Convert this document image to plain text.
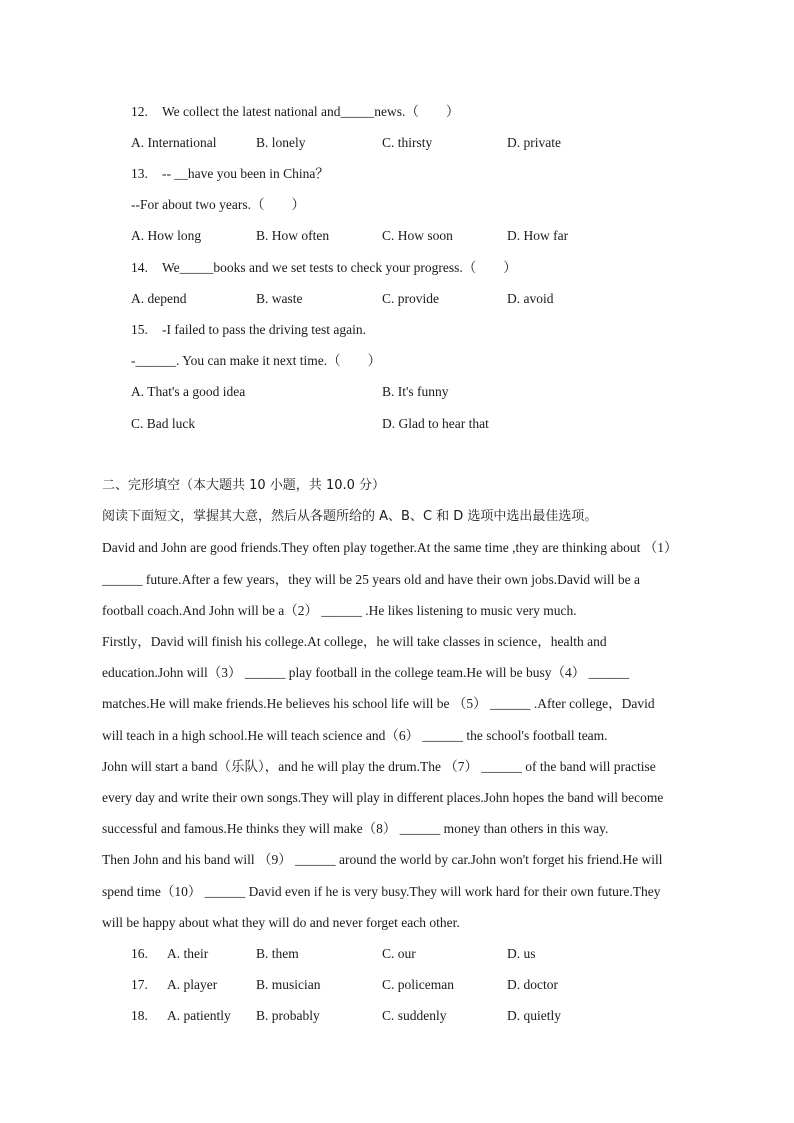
12. We collect the latest national and_____news.（　　）
A. International	B. lonely	C. thirsty	D. private
13. -- __have you been in China？
--For about two years.（　　）
A. How long	B. How often	C. How soon	D. How far
14. We_____books and we set tests to check your progress.（　　）
A. depend	B. waste	C. provide	D. avoid
15. -I failed to pass the driving test again.
-______. You can make it next time.（　　）
A. That's a good idea	B. It's funny
C. Bad luck	D. Glad to hear that
二、完形填空（本大题共 10 小题，共 10.0 分）
阅读下面短文，掌握其大意，然后从各题所给的 A、B、C 和 D 选项中选出最佳选项。
David and John are good friends.They often play together.At the same time ,they are thinking about （1）
______ future.After a few years，they will be 25 years old and have their own jobs.David will be a
football coach.And John will be a（2） ______ .He likes listening to music very much.
Firstly，David will finish his college.At college，he will take classes in science，health and
education.John will（3） ______ play football in the college team.He will be busy（4） ______
matches.He will make friends.He believes his school life will be （5） ______ .After college，David
will teach in a high school.He will teach science and（6） ______ the school's football team.
John will start a band（乐队），and he will play the drum.The （7） ______ of the band will practise
every day and write their own songs.They will play in different places.John hopes the band will become
successful and famous.He thinks they will make（8） ______ money than others in this way.
Then John and his band will （9） ______ around the world by car.John won't forget his friend.He will
spend time（10） ______ David even if he is very busy.They will work hard for their own future.They
will be happy about what they will do and never forget each other.
16. A. their	B. them	C. our	D. us
17. A. player	B. musician	C. policeman	D. doctor
18. A. patiently B. probably	C. suddenly	D. quietly
